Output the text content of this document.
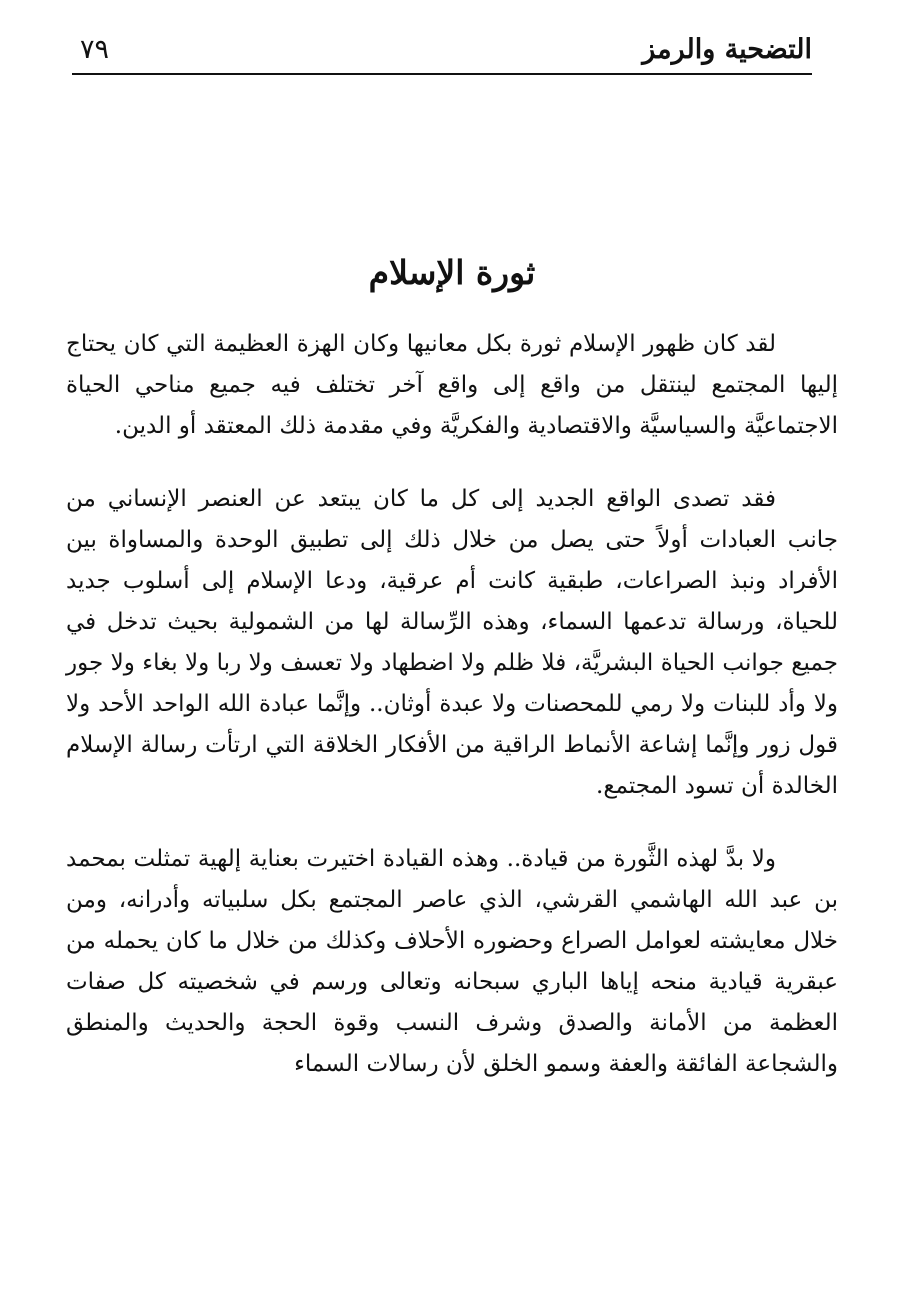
التضحية والرمز
٧٩
ثورة الإسلام

لقد كان ظهور الإسلام ثورة بكل معانيها وكان الهزة العظيمة التي كان يحتاج إليها المجتمع لينتقل من واقع إلى واقع آخر تختلف فيه جميع مناحي الحياة الاجتماعيَّة والسياسيَّة والاقتصادية والفكريَّة وفي مقدمة ذلك المعتقد أو الدين.

فقد تصدى الواقع الجديد إلى كل ما كان يبتعد عن العنصر الإنساني من جانب العبادات أولاً حتى يصل من خلال ذلك إلى تطبيق الوحدة والمساواة بين الأفراد ونبذ الصراعات، طبقية كانت أم عرقية، ودعا الإسلام إلى أسلوب جديد للحياة، ورسالة تدعمها السماء، وهذه الرِّسالة لها من الشمولية بحيث تدخل في جميع جوانب الحياة البشريَّة، فلا ظلم ولا اضطهاد ولا تعسف ولا ربا ولا بغاء ولا جور ولا وأد للبنات ولا رمي للمحصنات ولا عبدة أوثان.. وإنَّما عبادة الله الواحد الأحد ولا قول زور وإنَّما إشاعة الأنماط الراقية من الأفكار الخلاقة التي ارتأت رسالة الإسلام الخالدة أن تسود المجتمع.

ولا بدَّ لهذه الثَّورة من قيادة.. وهذه القيادة اختيرت بعناية إلهية تمثلت بمحمد بن عبد الله الهاشمي القرشي، الذي عاصر المجتمع بكل سلبياته وأدرانه، ومن خلال معايشته لعوامل الصراع وحضوره الأحلاف وكذلك من خلال ما كان يحمله من عبقرية قيادية منحه إياها الباري سبحانه وتعالى ورسم في شخصيته كل صفات العظمة من الأمانة والصدق وشرف النسب وقوة الحجة والحديث والمنطق والشجاعة الفائقة والعفة وسمو الخلق لأن رسالات السماء
